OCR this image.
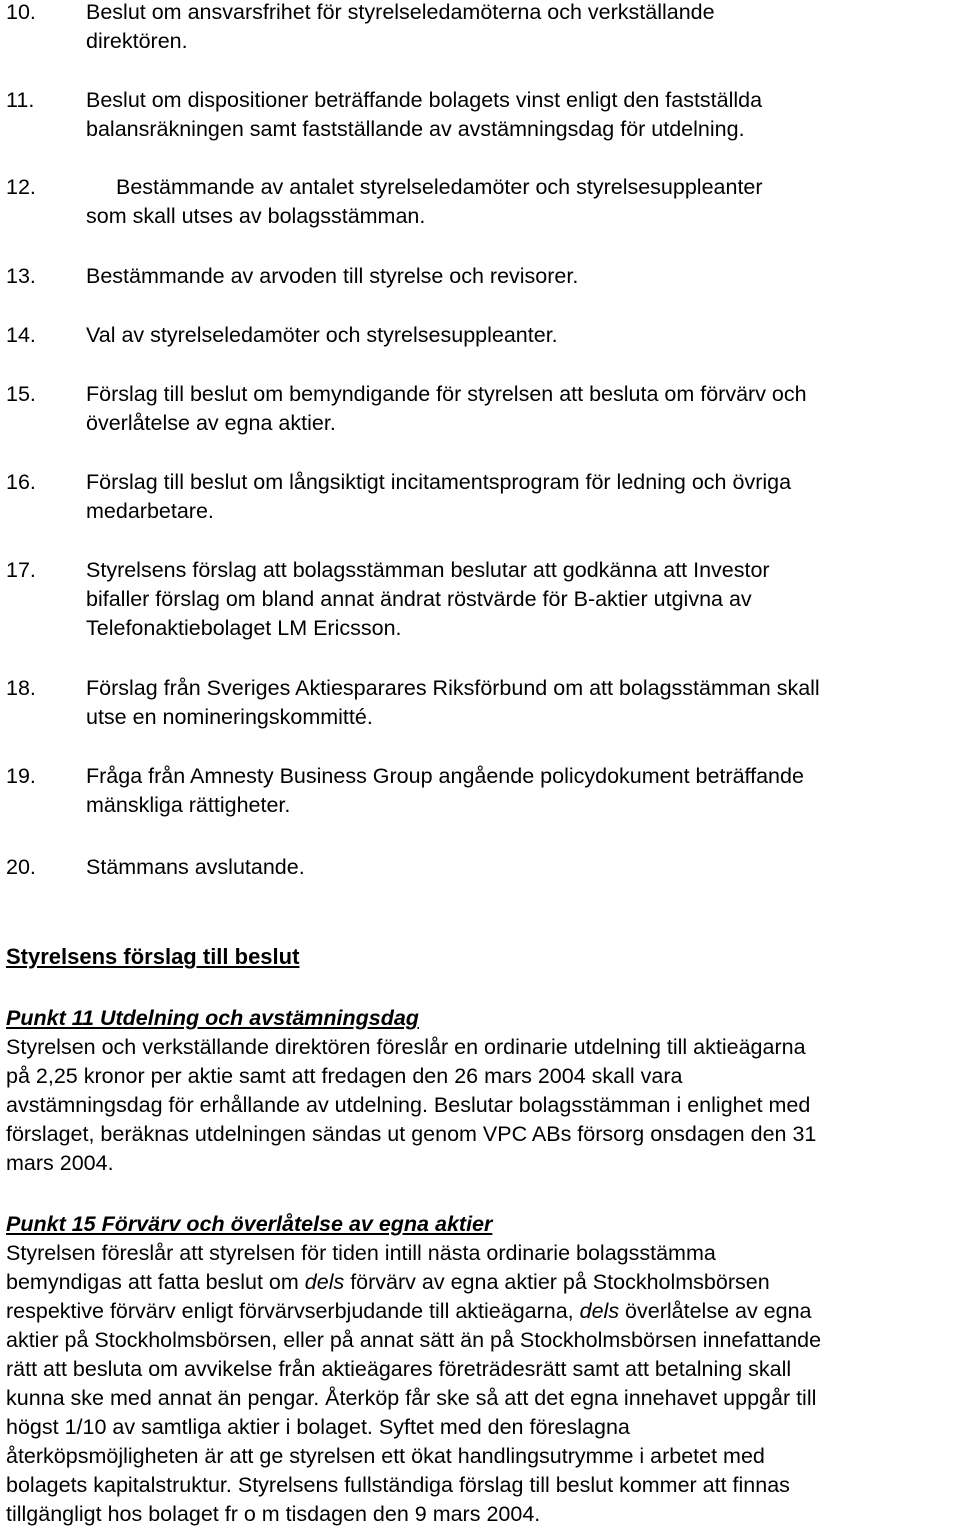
10. Beslut om ansvarsfrihet för styrelseledamöterna och verkställande
direktören.
11. Beslut om dispositioner beträffande bolagets vinst enligt den fastställda
balansräkningen samt fastställande av avstämningsdag för utdelning.
12.	Bestämmande av antalet styrelseledamöter och styrelsesuppleanter
som skall utses av bolagsstämman.
13. Bestämmande av arvoden till styrelse och revisorer.
14. Val av styrelseledamöter och styrelsesuppleanter.
15. Förslag till beslut om bemyndigande för styrelsen att besluta om förvärv och
överlåtelse av egna aktier.
16. Förslag till beslut om långsiktigt incitamentsprogram för ledning och övriga
medarbetare.
17. Styrelsens förslag att bolagsstämman beslutar att godkänna att Investor
bifaller förslag om bland annat ändrat röstvärde för B-aktier utgivna av
Telefonaktiebolaget LM Ericsson.
18. Förslag från Sveriges Aktiesparares Riksförbund om att bolagsstämman skall
utse en nomineringskommitté.
19. Fråga från Amnesty Business Group angående policydokument beträffande
mänskliga rättigheter.
20. Stämmans avslutande.
Styrelsens förslag till beslut

Punkt 11 Utdelning och avstämningsdag

Styrelsen och verkställande direktören föreslår en ordinarie utdelning till aktieägarna
på 2,25 kronor per aktie samt att fredagen den 26 mars 2004 skall vara
avstämningsdag för erhållande av utdelning. Beslutar bolagsstämman i enlighet med
förslaget, beräknas utdelningen sändas ut genom VPC ABs försorg onsdagen den 31
mars 2004.

Punkt 15 Förvärv och överlåtelse av egna aktier

Styrelsen föreslår att styrelsen för tiden intill nästa ordinarie bolagsstämma
bemyndigas att fatta beslut om dels förvärv av egna aktier på Stockholmsbörsen
respektive förvärv enligt förvärvserbjudande till aktieägarna, dels överlåtelse av egna
aktier på Stockholmsbörsen, eller på annat sätt än på Stockholmsbörsen innefattande
rätt att besluta om avvikelse från aktieägares företrädesrätt samt att betalning skall
kunna ske med annat än pengar. Återköp får ske så att det egna innehavet uppgår till
högst 1/10 av samtliga aktier i bolaget. Syftet med den föreslagna
återköpsmöjligheten är att ge styrelsen ett ökat handlingsutrymme i arbetet med
bolagets kapitalstruktur. Styrelsens fullständiga förslag till beslut kommer att finnas
tillgängligt hos bolaget fr o m tisdagen den 9 mars 2004.
